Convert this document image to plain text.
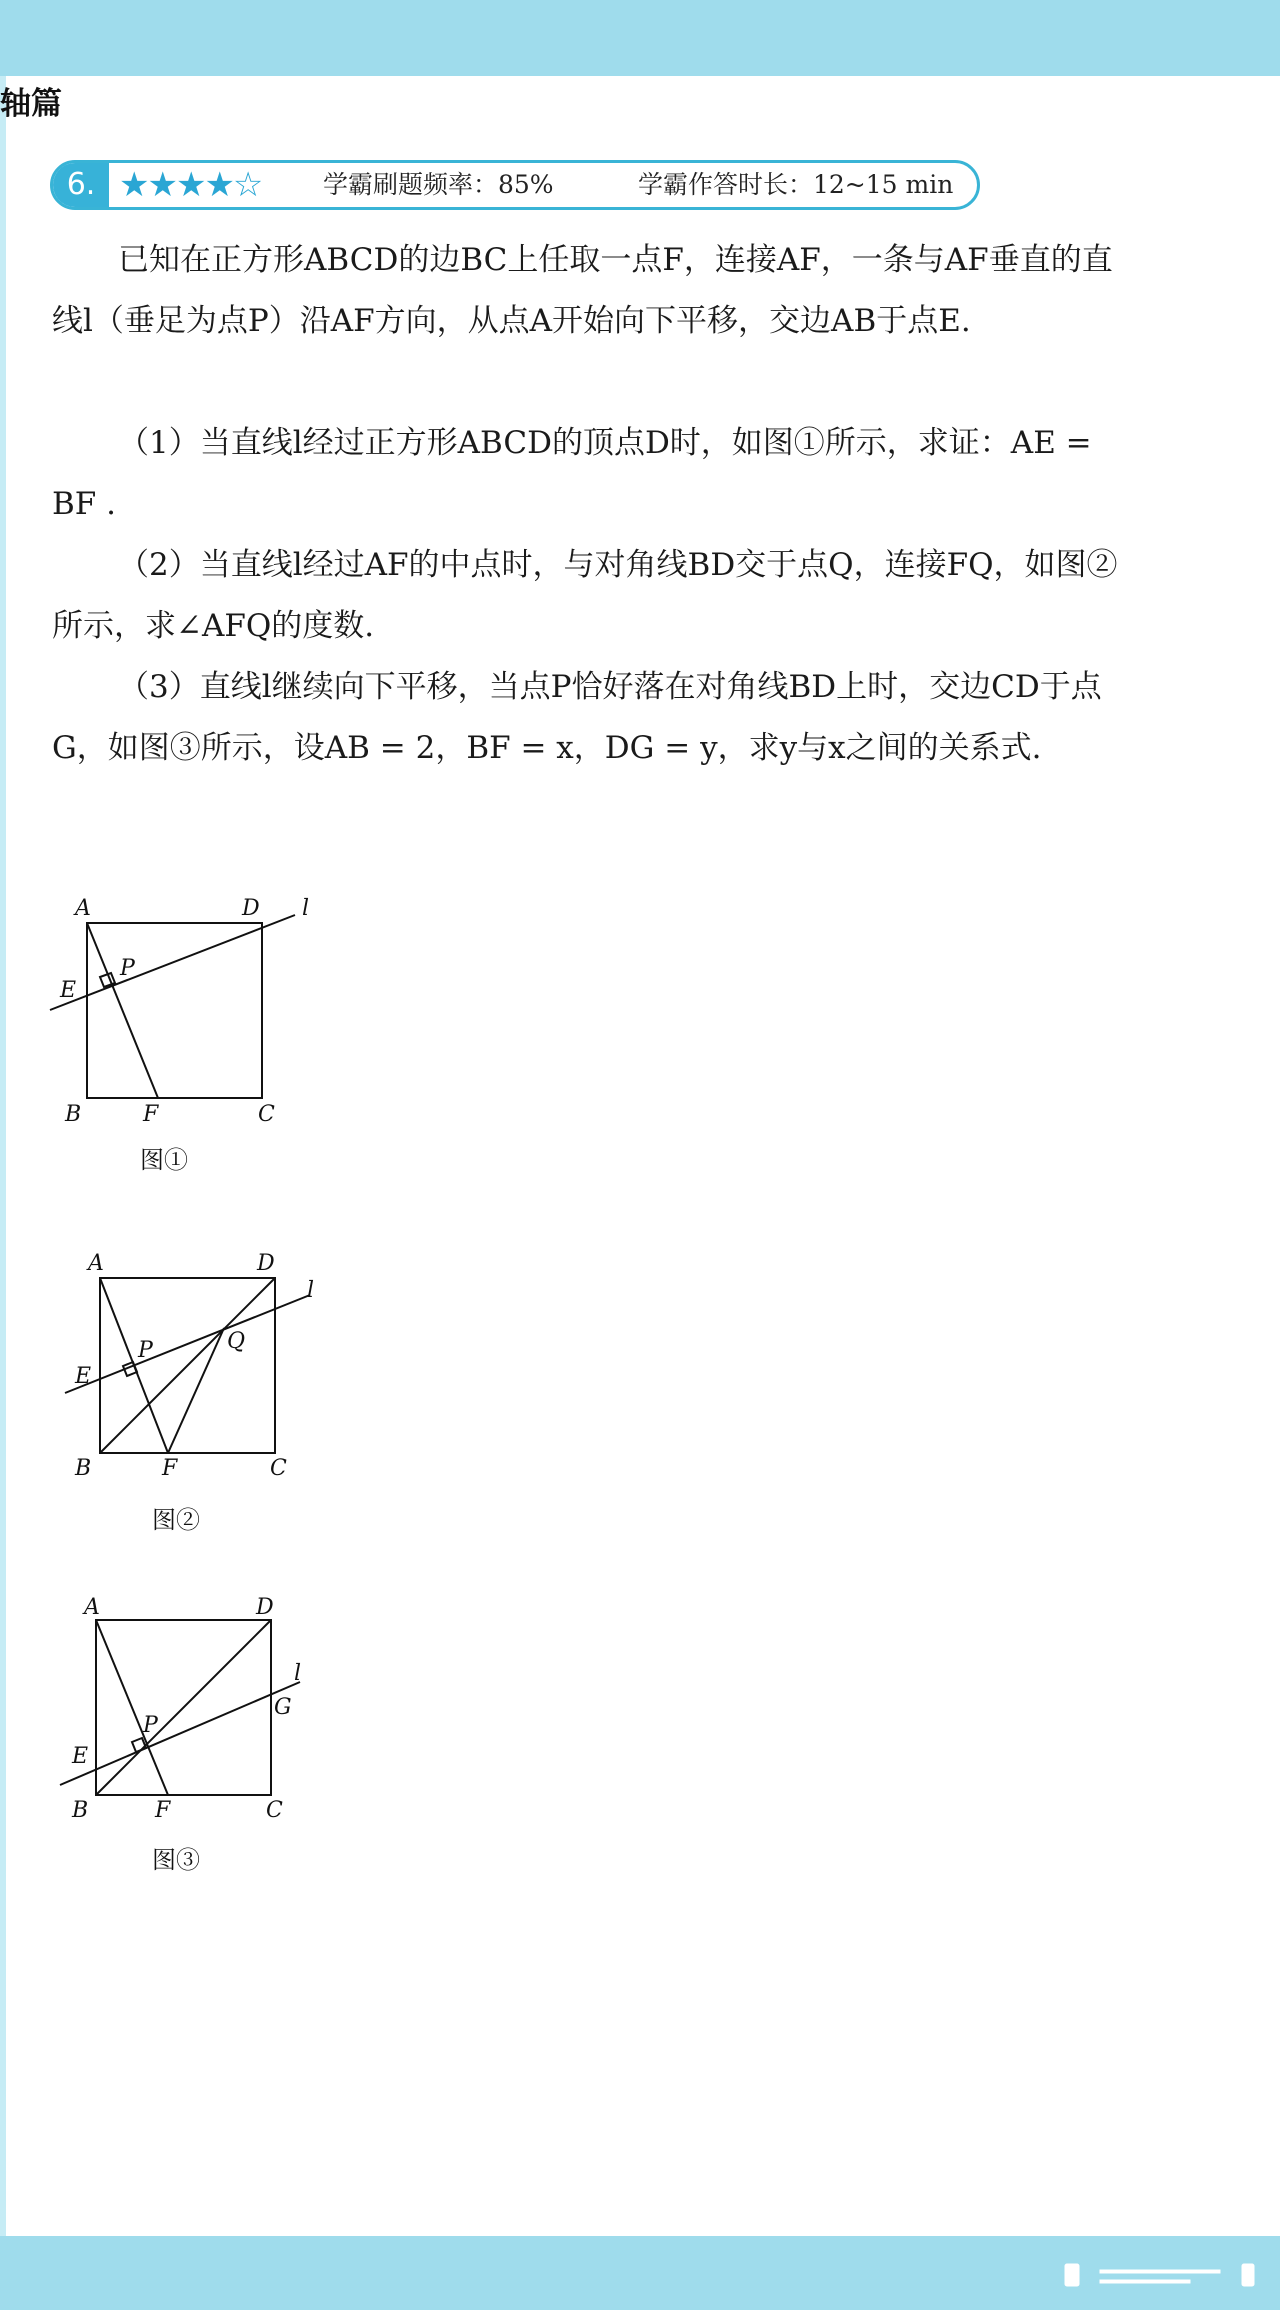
轴篇
6. ★★★★☆ 学霸刷题频率：85%	学霸作答时长：12~15 min

已知在正方形ABCD的边BC上任取一点F，连接AF，一条与AF垂直的直线l（垂足为点P）沿AF方向，从点A开始向下平移，交边AB于点E.

（1）当直线l经过正方形ABCD的顶点D时，如图①所示，求证：AE = BF .

（2）当直线l经过AF的中点时，与对角线BD交于点Q，连接FQ，如图②所示，求∠AFQ的度数.

（3）直线l继续向下平移，当点P恰好落在对角线BD上时，交边CD于点G，如图③所示，设AB = 2，BF = x，DG = y，求y与x之间的关系式.

A	D l
E
P
B	F	C
图①
A	D
l
P	Q
E
B	F	C
图②
A	D
l
G
P
E
B	F	C
图③
